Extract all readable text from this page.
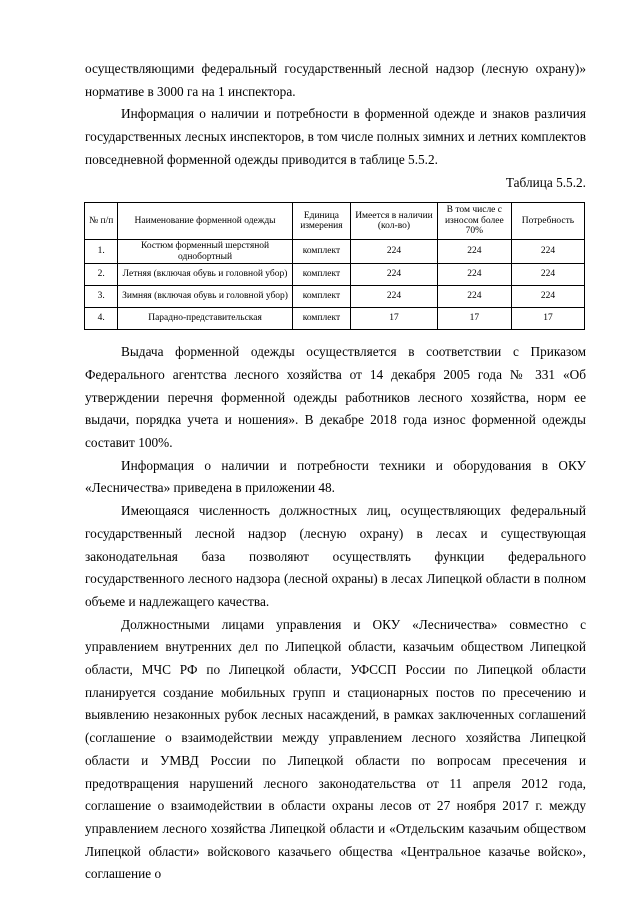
осуществляющими федеральный государственный лесной надзор (лесную охрану)» нормативе в 3000 га на 1 инспектора.

Информация о наличии и потребности в форменной одежде и знаков различия государственных лесных инспекторов, в том числе полных зимних и летних комплектов повседневной форменной одежды приводится в таблице 5.5.2.

Таблица 5.5.2.

№ п/п	Наименование форменной одежды	Единица измерения	Имеется в наличии (кол-во)	В том числе с износом более 70%	Потребность
1.	Костюм форменный шерстяной однобортный	комплект	224	224	224
2.	Летняя (включая обувь и головной убор)	комплект	224	224	224
3.	Зимняя (включая обувь и головной убор)	комплект	224	224	224
4.	Парадно-представительская	комплект	17	17	17

Выдача форменной одежды осуществляется в соответствии с Приказом Федерального агентства лесного хозяйства от 14 декабря 2005 года № 331 «Об утверждении перечня форменной одежды работников лесного хозяйства, норм ее выдачи, порядка учета и ношения». В декабре 2018 года износ форменной одежды составит 100%.

Информация о наличии и потребности техники и оборудования в ОКУ «Лесничества» приведена в приложении 48.

Имеющаяся численность должностных лиц, осуществляющих федеральный государственный лесной надзор (лесную охрану) в лесах и существующая законодательная база позволяют осуществлять функции федерального государственного лесного надзора (лесной охраны) в лесах Липецкой области в полном объеме и надлежащего качества.

Должностными лицами управления и ОКУ «Лесничества» совместно с управлением внутренних дел по Липецкой области, казачьим обществом Липецкой области, МЧС РФ по Липецкой области, УФССП России по Липецкой области планируется создание мобильных групп и стационарных постов по пресечению и выявлению незаконных рубок лесных насаждений, в рамках заключенных соглашений (соглашение о взаимодействии между управлением лесного хозяйства Липецкой области и УМВД России по Липецкой области по вопросам пресечения и предотвращения нарушений лесного законодательства от 11 апреля 2012 года, соглашение о взаимодействии в области охраны лесов от 27 ноября 2017 г. между управлением лесного хозяйства Липецкой области и «Отдельским казачьим обществом Липецкой области» войскового казачьего общества «Центральное казачье войско», соглашение о
